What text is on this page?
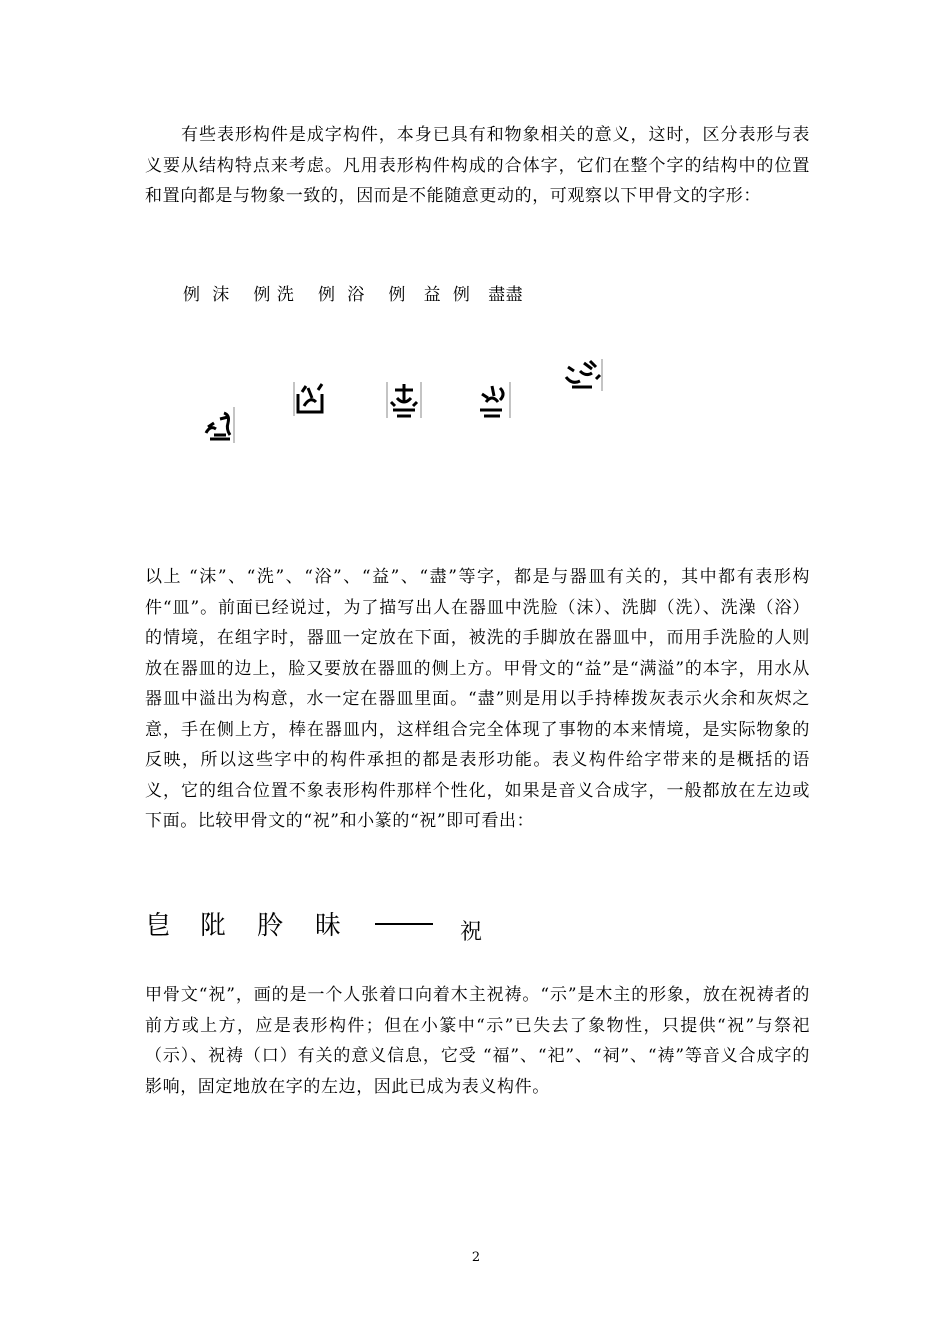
有些表形构件是成字构件，本身已具有和物象相关的意义，这时，区分表形与表义要从结构特点来考虑。凡用表形构件构成的合体字，它们在整个字的结构中的位置和置向都是与物象一致的，因而是不能随意更动的，可观察以下甲骨文的字形：

例  沫    例 洗    例  浴    例   益  例   盡盡

以上 “沫”、“洗”、“浴”、“益”、“盡”等字，都是与器皿有关的，其中都有表形构件“皿”。前面已经说过，为了描写出人在器皿中洗脸（沫）、洗脚（洗）、洗澡（浴）的情境，在组字时，器皿一定放在下面，被洗的手脚放在器皿中，而用手洗脸的人则放在器皿的边上，脸又要放在器皿的侧上方。甲骨文的“益”是“满溢”的本字，用水从器皿中溢出为构意，水一定在器皿里面。“盡”则是用以手持棒拨灰表示火余和灰烬之意，手在侧上方，棒在器皿内，这样组合完全体现了事物的本来情境，是实际物象的反映，所以这些字中的构件承担的都是表形功能。表义构件给字带来的是概括的语义，它的组合位置不象表形构件那样个性化，如果是音义合成字，一般都放在左边或下面。比较甲骨文的“祝”和小篆的“祝”即可看出：

皀 阰 朎 昧	祝

甲骨文“祝”，画的是一个人张着口向着木主祝祷。“示”是木主的形象，放在祝祷者的前方或上方，应是表形构件；但在小篆中“示”已失去了象物性，只提供“祝”与祭祀（示）、祝祷（口）有关的意义信息，它受 “福”、“祀”、“祠”、“祷”等音义合成字的影响，固定地放在字的左边，因此已成为表义构件。

2
